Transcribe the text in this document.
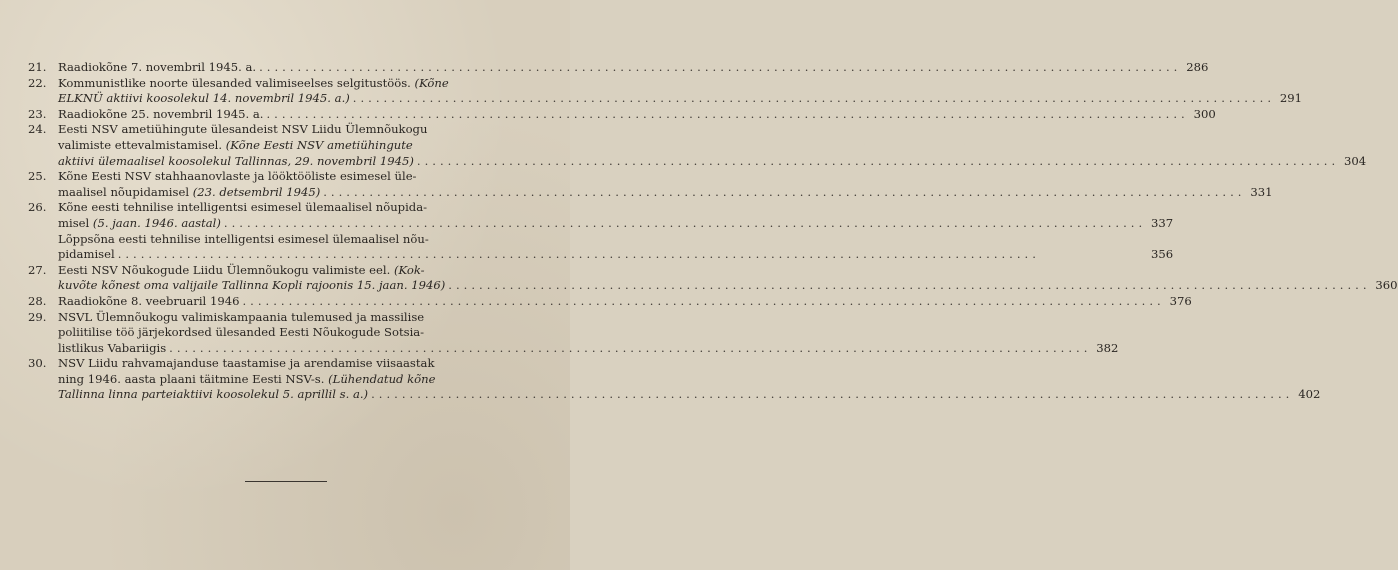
21. Raadiokõne 7. novembril 1945. a. ........................................................................................................................ 286
22. Kommunistlike noorte ülesanded valimiseelses selgitustöös. (Kõne
ELKNÜ aktiivi koosolekul 14. novembril 1945. a.) ........................................................................................................................ 291
23. Raadiokõne 25. novembril 1945. a. ........................................................................................................................ 300
24. Eesti NSV ametiühingute ülesandeist NSV Liidu Ülemnõukogu
valimiste ettevalmistamisel. (Kõne Eesti NSV ametiühingute
aktiivi ülemaalisel koosolekul Tallinnas, 29. novembril 1945) ........................................................................................................................ 304
25. Kõne Eesti NSV stahhaanovlaste ja lööktööliste esimesel üle-
maalisel nõupidamisel (23. detsembril 1945) ........................................................................................................................ 331
26. Kõne eesti tehnilise intelligentsi esimesel ülemaalisel nõupida-
misel (5. jaan. 1946. aastal) ........................................................................................................................ 337
Lõppsõna eesti tehnilise intelligentsi esimesel ülemaalisel nõu-
pidamisel ........................................................................................................................	356
27. Eesti NSV Nõukogude Liidu Ülemnõukogu valimiste eel. (Kok-
kuvõte kõnest oma valijaile Tallinna Kopli rajoonis 15. jaan. 1946) ........................................................................................................................ 360
28. Raadiokõne 8. veebruaril 1946 ........................................................................................................................ 376
29. NSVL Ülemnõukogu valimiskampaania tulemused ja massilise
poliitilise töö järjekordsed ülesanded Eesti Nõukogude Sotsia-
listlikus Vabariigis ........................................................................................................................ 382
30. NSV Liidu rahvamajanduse taastamise ja arendamise viisaastak
ning 1946. aasta plaani täitmine Eesti NSV-s. (Lühendatud kõne
Tallinna linna parteiaktiivi koosolekul 5. aprillil s. a.) ........................................................................................................................ 402
